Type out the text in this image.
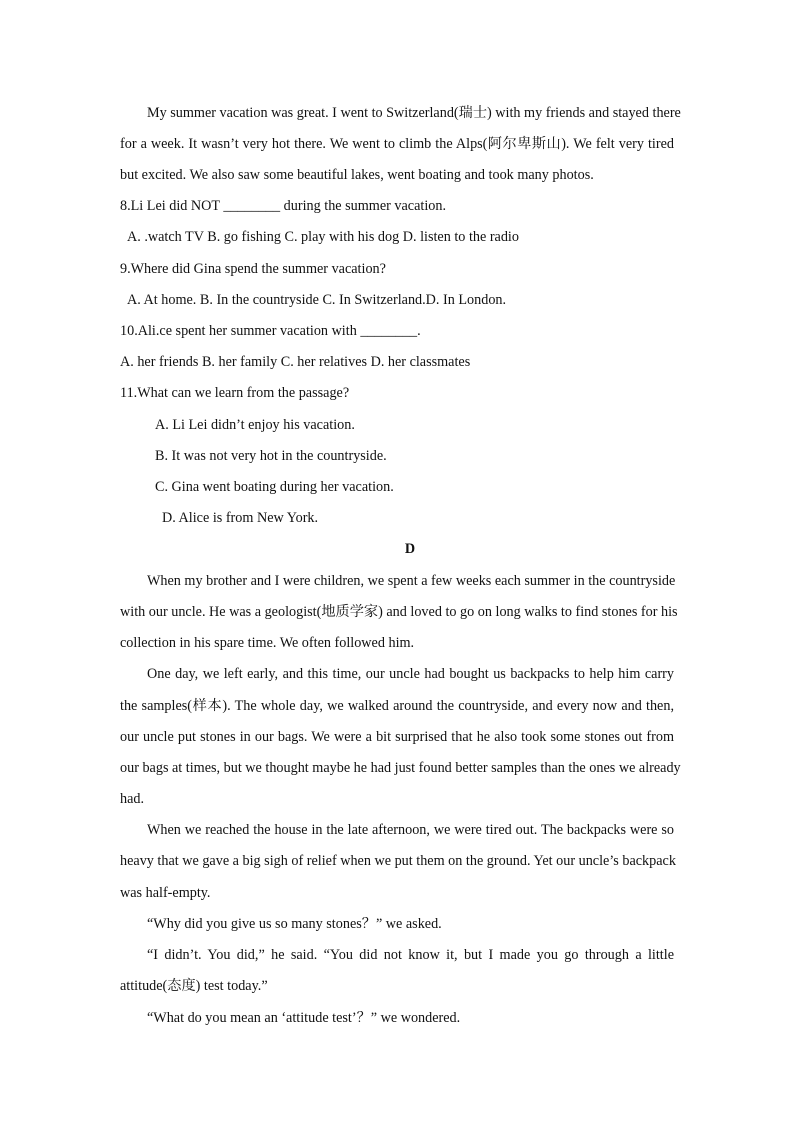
My summer vacation was great. I went to Switzerland(瑞士) with my friends and stayed there
for a week. It wasn’t very hot there. We went to climb the Alps(阿尔卑斯山). We felt very tired
but excited. We also saw some beautiful lakes, went boating and took many photos.
8.Li Lei did NOT ________ during the summer vacation.
A. .watch TV B. go fishing C. play with his dog D. listen to the radio
9.Where did Gina spend the summer vacation?
A. At home. B. In the countryside C. In Switzerland.D. In London.
10.Ali.ce spent her summer vacation with ________.
A. her friends B. her family C. her relatives D. her classmates
11.What can we learn from the passage?
A. Li Lei didn’t enjoy his vacation.
B. It was not very hot in the countryside.
C. Gina went boating during her vacation.
D. Alice is from New York.
D
When my brother and I were children, we spent a few weeks each summer in the countryside
with our uncle. He was a geologist(地质学家) and loved to go on long walks to find stones for his
collection in his spare time. We often followed him.
One day, we left early, and this time, our uncle had bought us backpacks to help him carry
the samples(样本). The whole day, we walked around the countryside, and every now and then,
our uncle put stones in our bags. We were a bit surprised that he also took some stones out from
our bags at times, but we thought maybe he had just found better samples than the ones we already
had.
When we reached the house in the late afternoon, we were tired out. The backpacks were so
heavy that we gave a big sigh of relief when we put them on the ground. Yet our uncle’s backpack
was half-empty.
“Why did you give us so many stones？” we asked.
“I didn’t. You did,” he said. “You did not know it, but I made you go through a little
attitude(态度) test today.”
“What do you mean an ‘attitude test’？” we wondered.
